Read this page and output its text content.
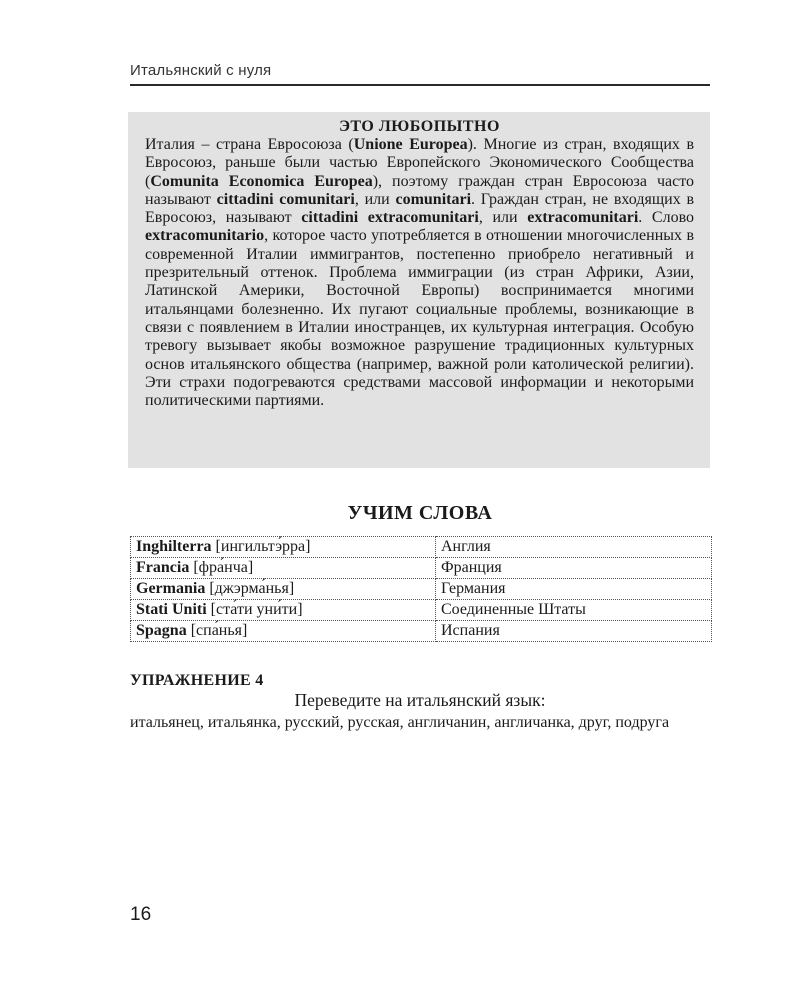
Итальянский с нуля
ЭТО ЛЮБОПЫТНО

Италия – страна Евросоюза (Unione Europea). Многие из стран, входящих в Евросоюз, раньше были частью Европейского Экономического Сообщества (Comunita Economica Europea), поэтому граждан стран Евросоюза часто называют cittadini comunitari, или comunitari. Граждан стран, не входящих в Евросоюз, называют cittadini extracomunitari, или extracomunitari. Слово extracomunitario, которое часто употребляется в отношении многочисленных в современной Италии иммигрантов, постепенно приобрело негативный и презрительный оттенок. Проблема иммиграции (из стран Африки, Азии, Латинской Америки, Восточной Европы) воспринимается многими итальянцами болезненно. Их пугают социальные проблемы, возникающие в связи с появлением в Италии иностранцев, их культурная интеграция. Особую тревогу вызывает якобы возможное разрушение традиционных культурных основ итальянского общества (например, важной роли католической религии). Эти страхи подогреваются средствами массовой информации и некоторыми политическими партиями.

УЧИМ СЛОВА
Inghilterra [ингильтэ́рра]	Англия
Francia [фра́нча]	Франция
Germania [джэрма́нья]	Германия
Stati Uniti [ста́ти уни́ти]	Соединенные Штаты
Spagna [спа́нья]	Испания
УПРАЖНЕНИЕ 4
Переведите на итальянский язык:
итальянец, итальянка, русский, русская, англичанин, англичанка, друг, подруга
16
